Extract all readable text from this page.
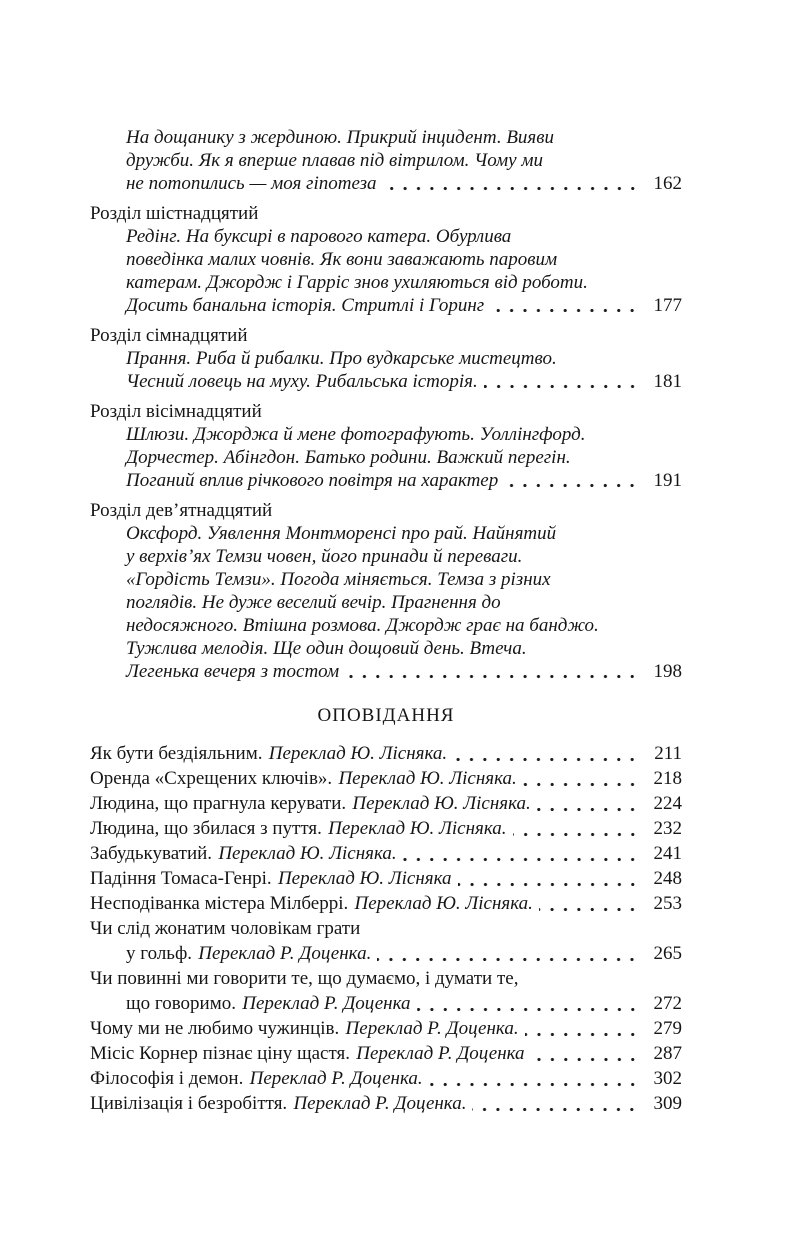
На дощанику з жердиною. Прикрий інцидент. Вияви
дружби. Як я вперше плавав під вітрилом. Чому ми
не потопились — моя гіпотеза	162
Розділ шістнадцятий
Редінг. На буксирі в парового катера. Обурлива
поведінка малих човнів. Як вони заважають паровим
катерам. Джордж і Гарріс знов ухиляються від роботи.
Досить банальна історія. Стритлі і Горинг	177
Розділ сімнадцятий
Прання. Риба й рибалки. Про вудкарське мистецтво.
Чесний ловець на муху. Рибальська історія.	181
Розділ вісімнадцятий
Шлюзи. Джорджа й мене фотографують. Уоллінгфорд.
Дорчестер. Абінгдон. Батько родини. Важкий перегін.
Поганий вплив річкового повітря на характер	191
Розділ дев’ятнадцятий
Оксфорд. Уявлення Монтморенсі про рай. Найнятий
у верхів’ях Темзи човен, його принади й переваги.
«Гордість Темзи». Погода міняється. Темза з різних
поглядів. Не дуже веселий вечір. Прагнення до
недосяжного. Втішна розмова. Джордж грає на банджо.
Тужлива мелодія. Ще один дощовий день. Втеча.
Легенька вечеря з тостом	198
ОПОВІДАННЯ
Як бути бездіяльним. Переклад Ю. Лісняка.	211
Оренда «Схрещених ключів». Переклад Ю. Лісняка.	218
Людина, що прагнула керувати. Переклад Ю. Лісняка.	224
Людина, що збилася з пуття. Переклад Ю. Лісняка.	232
Забудькуватий. Переклад Ю. Лісняка.	241
Падіння Томаса-Генрі. Переклад Ю. Лісняка	248
Несподіванка містера Мілберрі. Переклад Ю. Лісняка.	253
Чи слід жонатим чоловікам грати
у гольф. Переклад Р. Доценка.	265
Чи повинні ми говорити те, що думаємо, і думати те,
що говоримо. Переклад Р. Доценка	272
Чому ми не любимо чужинців. Переклад Р. Доценка.	279
Місіс Корнер пізнає ціну щастя. Переклад Р. Доценка	287
Філософія і демон. Переклад Р. Доценка.	302
Цивілізація і безробіття. Переклад Р. Доценка.	309
